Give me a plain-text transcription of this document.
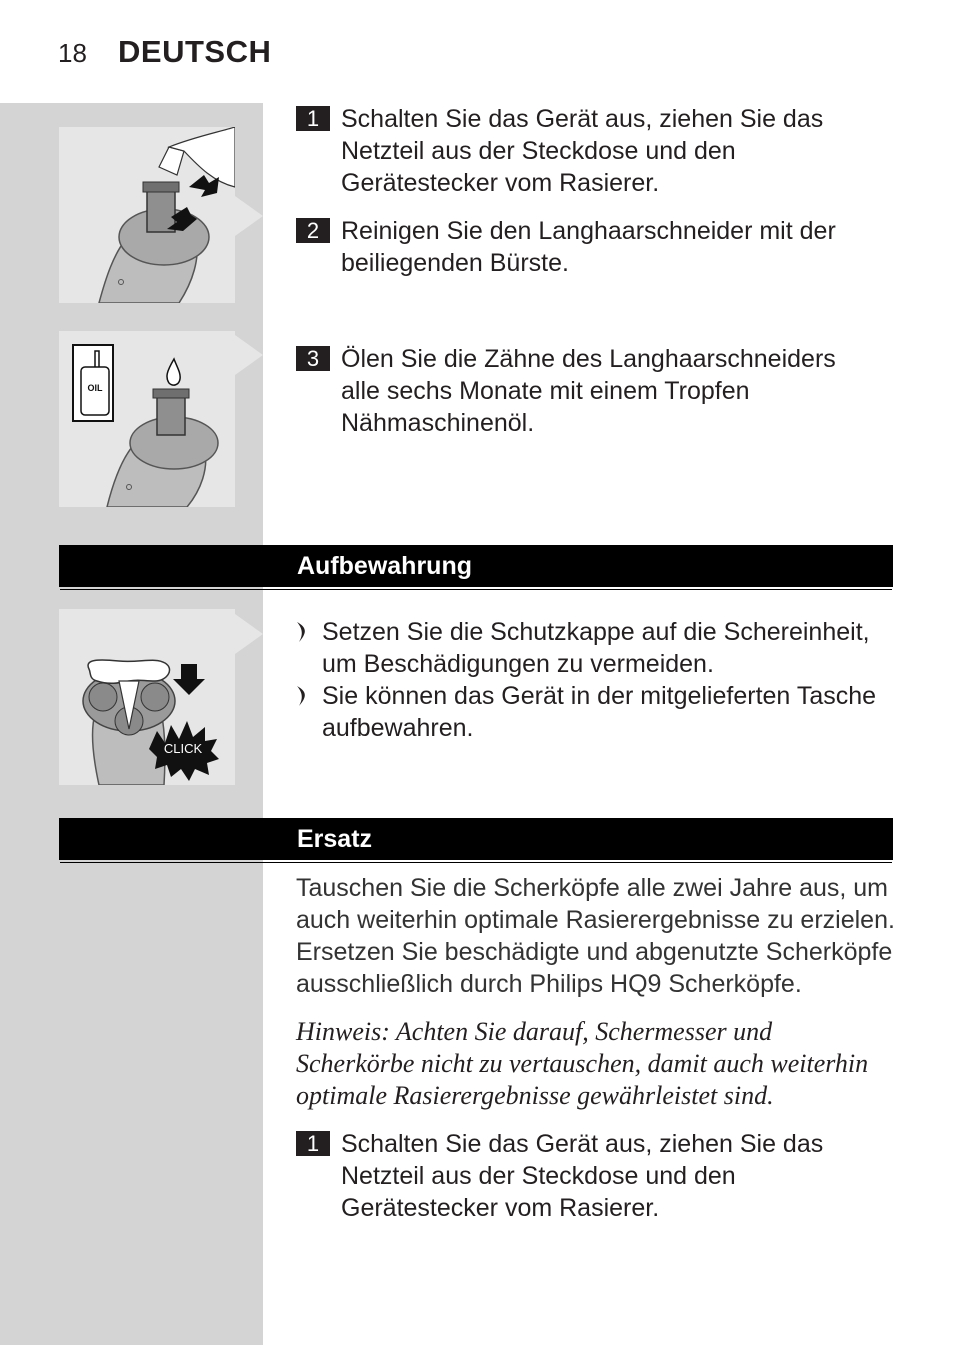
18 DEUTSCH
OIL
1 Schalten Sie das Gerät aus, ziehen Sie das Netzteil aus der Steckdose und den Gerätestecker vom Rasierer.
2 Reinigen Sie den Langhaarschneider mit der beiliegenden Bürste.
3 Ölen Sie die Zähne des Langhaarschneiders alle sechs Monate mit einem Tropfen Nähmaschinenöl.
Aufbewahrung
CLICK
Setzen Sie die Schutzkappe auf die Schereinheit, um Beschädigungen zu vermeiden.
Sie können das Gerät in der mitgelieferten Tasche aufbewahren.
Ersatz
Tauschen Sie die Scherköpfe alle zwei Jahre aus, um auch weiterhin optimale Rasierergebnisse zu erzielen. Ersetzen Sie beschädigte und abgenutzte Scherköpfe ausschließlich durch Philips HQ9 Scherköpfe.
Hinweis: Achten Sie darauf, Schermesser und Scherkörbe nicht zu vertauschen, damit auch weiterhin optimale Rasierergebnisse gewährleistet sind.
1 Schalten Sie das Gerät aus, ziehen Sie das Netzteil aus der Steckdose und den Gerätestecker vom Rasierer.
